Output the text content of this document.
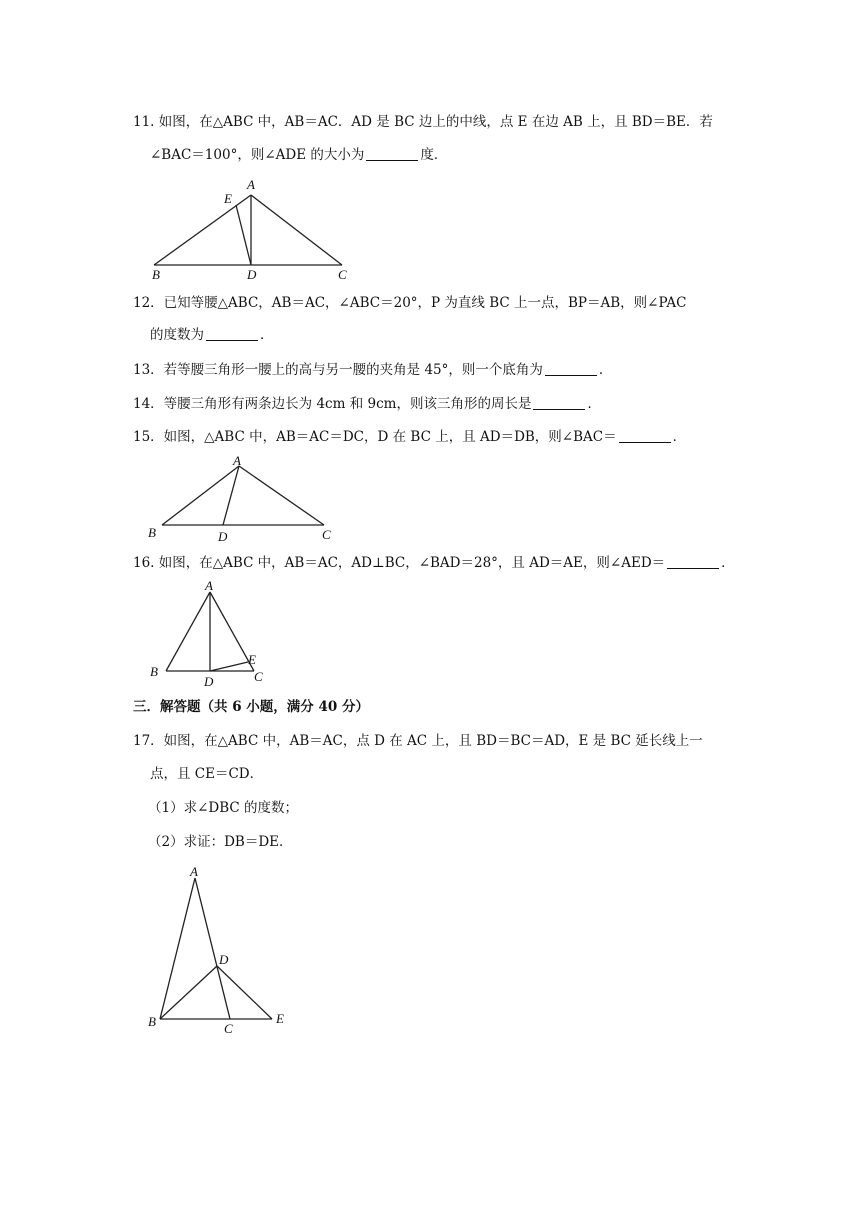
11. 如图，在△ABC 中，AB＝AC．AD 是 BC 边上的中线，点 E 在边 AB 上，且 BD＝BE．若
∠BAC＝100°，则∠ADE 的大小为	度．
A
E
B	D	C
12．已知等腰△ABC，AB＝AC，∠ABC＝20°，P 为直线 BC 上一点，BP＝AB，则∠PAC
的度数为	．
13．若等腰三角形一腰上的高与另一腰的夹角是 45°，则一个底角为	．
14．等腰三角形有两条边长为 4cm 和 9cm，则该三角形的周长是	．
15．如图，△ABC 中，AB＝AC＝DC，D 在 BC 上，且 AD＝DB，则∠BAC＝	．
A
B	D	C
16. 如图，在△ABC 中，AB＝AC，AD⊥BC，∠BAD＝28°，且 AD＝AE，则∠AED＝	．
A
B
D
E
C
三．解答题（共 6 小题，满分 40 分）
17．如图，在△ABC 中，AB＝AC，点 D 在 AC 上，且 BD＝BC＝AD，E 是 BC 延长线上一
点，且 CE＝CD．
（1）求∠DBC 的度数；
（2）求证：DB＝DE．
A
D
B	C
E
